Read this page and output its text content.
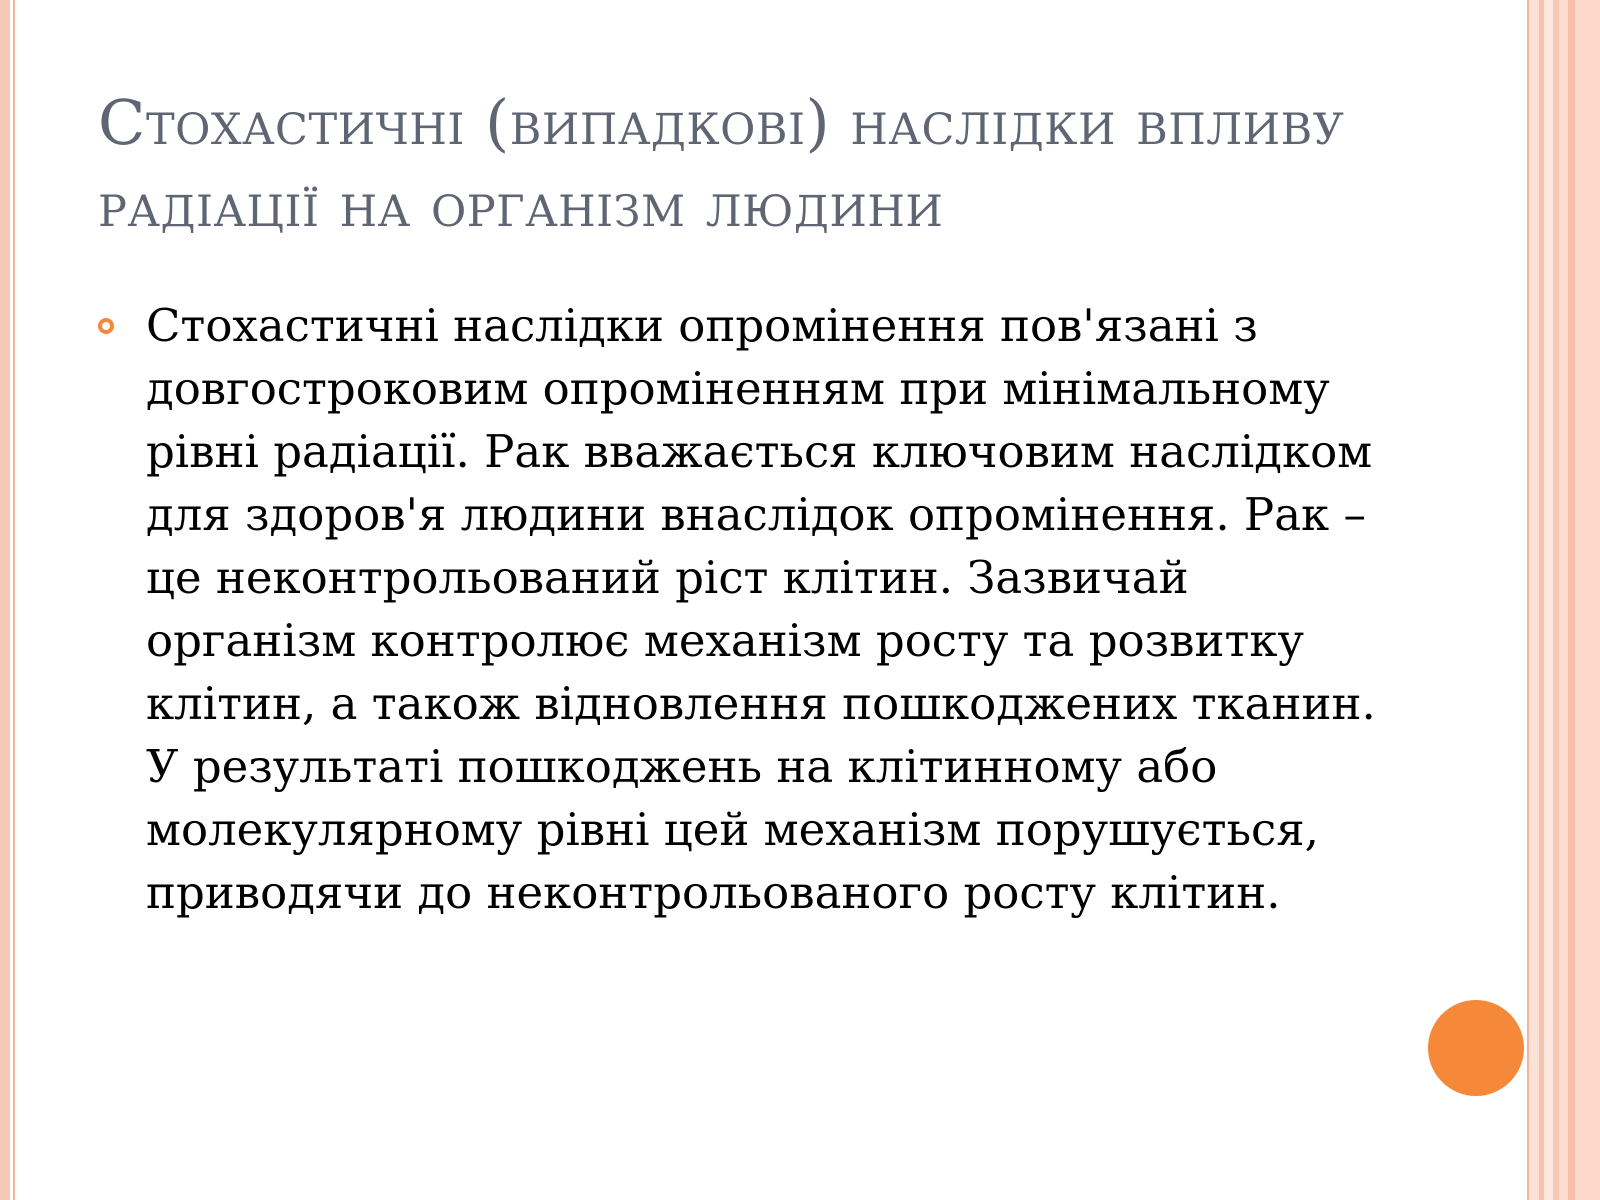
Стохастичні (випадкові) наслідки впливу радіації на організм людини

Стохастичні наслідки опромінення пов'язані з довгостроковим опроміненням при мінімальному рівні радіації. Рак вважається ключовим наслідком для здоров'я людини внаслідок опромінення. Рак – це неконтрольований ріст клітин. Зазвичай організм контролює механізм росту та розвитку клітин, а також відновлення пошкоджених тканин. У результаті пошкоджень на клітинному або молекулярному рівні цей механізм порушується, приводячи до неконтрольованого росту клітин.
